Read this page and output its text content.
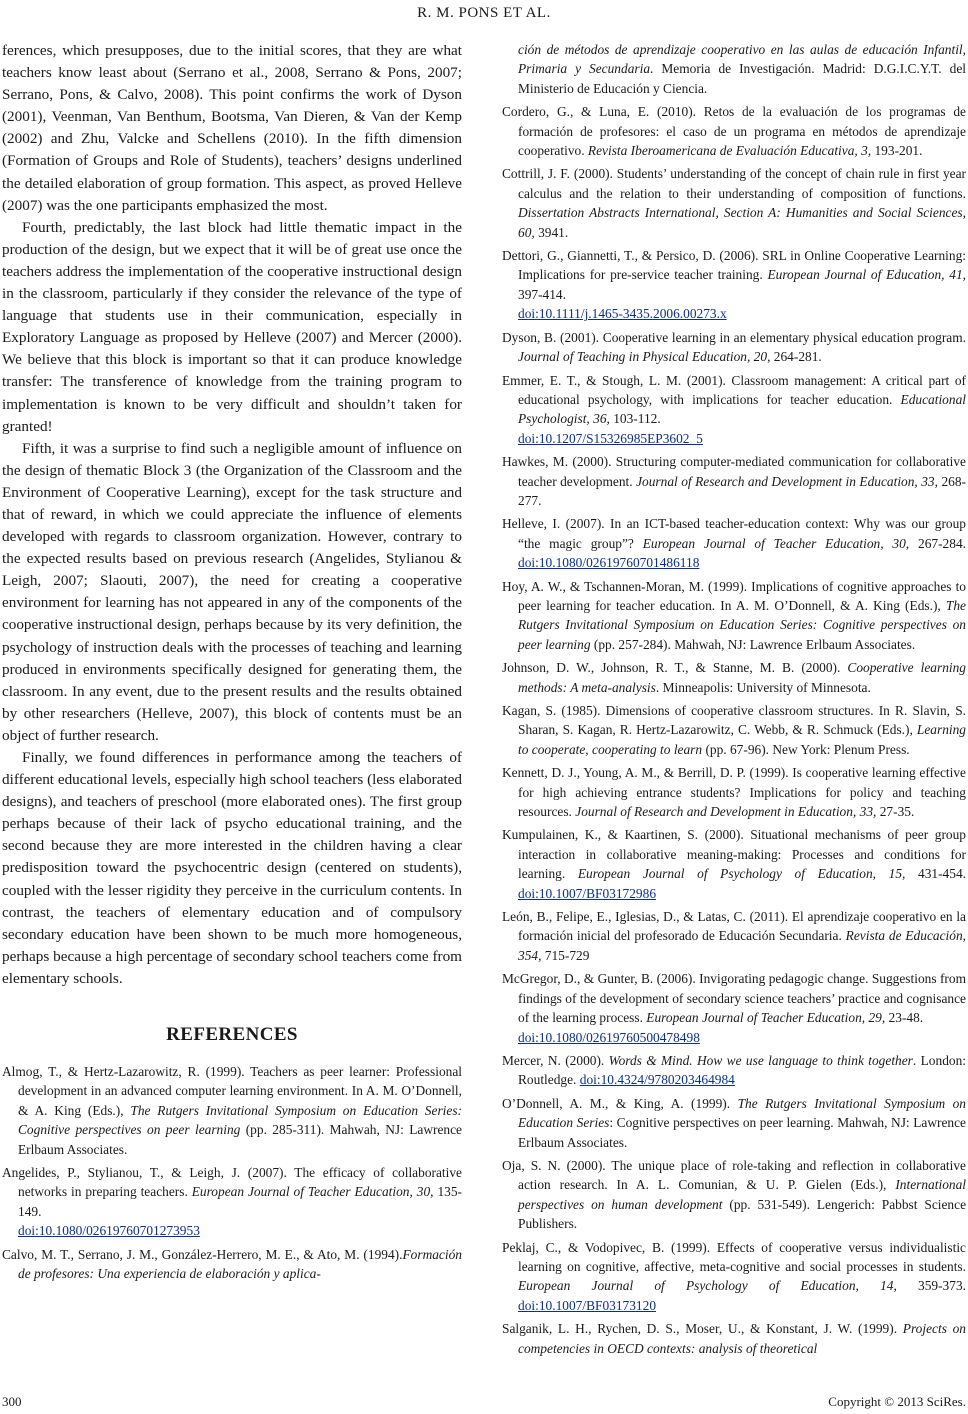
R. M. PONS ET AL.

ferences, which presupposes, due to the initial scores, that they are what teachers know least about (Serrano et al., 2008, Serrano & Pons, 2007; Serrano, Pons, & Calvo, 2008). This point confirms the work of Dyson (2001), Veenman, Van Benthum, Bootsma, Van Dieren, & Van der Kemp (2002) and Zhu, Valcke and Schellens (2010). In the fifth dimension (Formation of Groups and Role of Students), teachers’ designs underlined the detailed elaboration of group formation. This aspect, as proved Helleve (2007) was the one participants emphasized the most.

Fourth, predictably, the last block had little thematic impact in the production of the design, but we expect that it will be of great use once the teachers address the implementation of the cooperative instructional design in the classroom, particularly if they consider the relevance of the type of language that students use in their communication, especially in Exploratory Language as proposed by Helleve (2007) and Mercer (2000). We believe that this block is important so that it can produce knowledge transfer: The transference of knowledge from the training program to implementation is known to be very difficult and shouldn’t taken for granted!

Fifth, it was a surprise to find such a negligible amount of influence on the design of thematic Block 3 (the Organization of the Classroom and the Environment of Cooperative Learning), except for the task structure and that of reward, in which we could appreciate the influence of elements developed with regards to classroom organization. However, contrary to the expected results based on previous research (Angelides, Stylianou & Leigh, 2007; Slaouti, 2007), the need for creating a cooperative environment for learning has not appeared in any of the components of the cooperative instructional design, perhaps because by its very definition, the psychology of instruction deals with the processes of teaching and learning produced in environments specifically designed for generating them, the classroom. In any event, due to the present results and the results obtained by other researchers (Helleve, 2007), this block of contents must be an object of further research.

Finally, we found differences in performance among the teachers of different educational levels, especially high school teachers (less elaborated designs), and teachers of preschool (more elaborated ones). The first group perhaps because of their lack of psycho educational training, and the second because they are more interested in the children having a clear predisposition toward the psychocentric design (centered on students), coupled with the lesser rigidity they perceive in the curriculum contents. In contrast, the teachers of elementary education and of compulsory secondary education have been shown to be much more homogeneous, perhaps because a high percentage of secondary school teachers come from elementary schools.

REFERENCES

Almog, T., & Hertz-Lazarowitz, R. (1999). Teachers as peer learner: Professional development in an advanced computer learning environment. In A. M. O’Donnell, & A. King (Eds.), The Rutgers Invitational Symposium on Education Series: Cognitive perspectives on peer learning (pp. 285-311). Mahwah, NJ: Lawrence Erlbaum Associates.

Angelides, P., Stylianou, T., & Leigh, J. (2007). The efficacy of collaborative networks in preparing teachers. European Journal of Teacher Education, 30, 135-149.
doi:10.1080/02619760701273953

Calvo, M. T., Serrano, J. M., González-Herrero, M. E., & Ato, M. (1994).Formación de profesores: Una experiencia de elaboración y aplica-

ción de métodos de aprendizaje cooperativo en las aulas de educación Infantil, Primaria y Secundaria. Memoria de Investigación. Madrid: D.G.I.C.Y.T. del Ministerio de Educación y Ciencia.

Cordero, G., & Luna, E. (2010). Retos de la evaluación de los programas de formación de profesores: el caso de un programa en métodos de aprendizaje cooperativo. Revista Iberoamericana de Evaluación Educativa, 3, 193-201.

Cottrill, J. F. (2000). Students’ understanding of the concept of chain rule in first year calculus and the relation to their understanding of composition of functions. Dissertation Abstracts International, Section A: Humanities and Social Sciences, 60, 3941.

Dettori, G., Giannetti, T., & Persico, D. (2006). SRL in Online Cooperative Learning: Implications for pre-service teacher training. European Journal of Education, 41, 397-414.
doi:10.1111/j.1465-3435.2006.00273.x

Dyson, B. (2001). Cooperative learning in an elementary physical education program. Journal of Teaching in Physical Education, 20, 264-281.

Emmer, E. T., & Stough, L. M. (2001). Classroom management: A critical part of educational psychology, with implications for teacher education. Educational Psychologist, 36, 103-112.
doi:10.1207/S15326985EP3602_5

Hawkes, M. (2000). Structuring computer-mediated communication for collaborative teacher development. Journal of Research and Development in Education, 33, 268-277.

Helleve, I. (2007). In an ICT-based teacher-education context: Why was our group “the magic group”? European Journal of Teacher Education, 30, 267-284. doi:10.1080/02619760701486118

Hoy, A. W., & Tschannen-Moran, M. (1999). Implications of cognitive approaches to peer learning for teacher education. In A. M. O’Donnell, & A. King (Eds.), The Rutgers Invitational Symposium on Education Series: Cognitive perspectives on peer learning (pp. 257-284). Mahwah, NJ: Lawrence Erlbaum Associates.

Johnson, D. W., Johnson, R. T., & Stanne, M. B. (2000). Cooperative learning methods: A meta-analysis. Minneapolis: University of Minnesota.

Kagan, S. (1985). Dimensions of cooperative classroom structures. In R. Slavin, S. Sharan, S. Kagan, R. Hertz-Lazarowitz, C. Webb, & R. Schmuck (Eds.), Learning to cooperate, cooperating to learn (pp. 67-96). New York: Plenum Press.

Kennett, D. J., Young, A. M., & Berrill, D. P. (1999). Is cooperative learning effective for high achieving entrance students? Implications for policy and teaching resources. Journal of Research and Development in Education, 33, 27-35.

Kumpulainen, K., & Kaartinen, S. (2000). Situational mechanisms of peer group interaction in collaborative meaning-making: Processes and conditions for learning. European Journal of Psychology of Education, 15, 431-454. doi:10.1007/BF03172986

León, B., Felipe, E., Iglesias, D., & Latas, C. (2011). El aprendizaje cooperativo en la formación inicial del profesorado de Educación Secundaria. Revista de Educación, 354, 715-729

McGregor, D., & Gunter, B. (2006). Invigorating pedagogic change. Suggestions from findings of the development of secondary science teachers’ practice and cognisance of the learning process. European Journal of Teacher Education, 29, 23-48.
doi:10.1080/02619760500478498

Mercer, N. (2000). Words & Mind. How we use language to think together. London: Routledge. doi:10.4324/9780203464984

O’Donnell, A. M., & King, A. (1999). The Rutgers Invitational Symposium on Education Series: Cognitive perspectives on peer learning. Mahwah, NJ: Lawrence Erlbaum Associates.

Oja, S. N. (2000). The unique place of role-taking and reflection in collaborative action research. In A. L. Comunian, & U. P. Gielen (Eds.), International perspectives on human development (pp. 531-549). Lengerich: Pabbst Science Publishers.

Peklaj, C., & Vodopivec, B. (1999). Effects of cooperative versus individualistic learning on cognitive, affective, meta-cognitive and social processes in students. European Journal of Psychology of Education, 14, 359-373. doi:10.1007/BF03173120

Salganik, L. H., Rychen, D. S., Moser, U., & Konstant, J. W. (1999). Projects on competencies in OECD contexts: analysis of theoretical

300	Copyright © 2013 SciRes.
